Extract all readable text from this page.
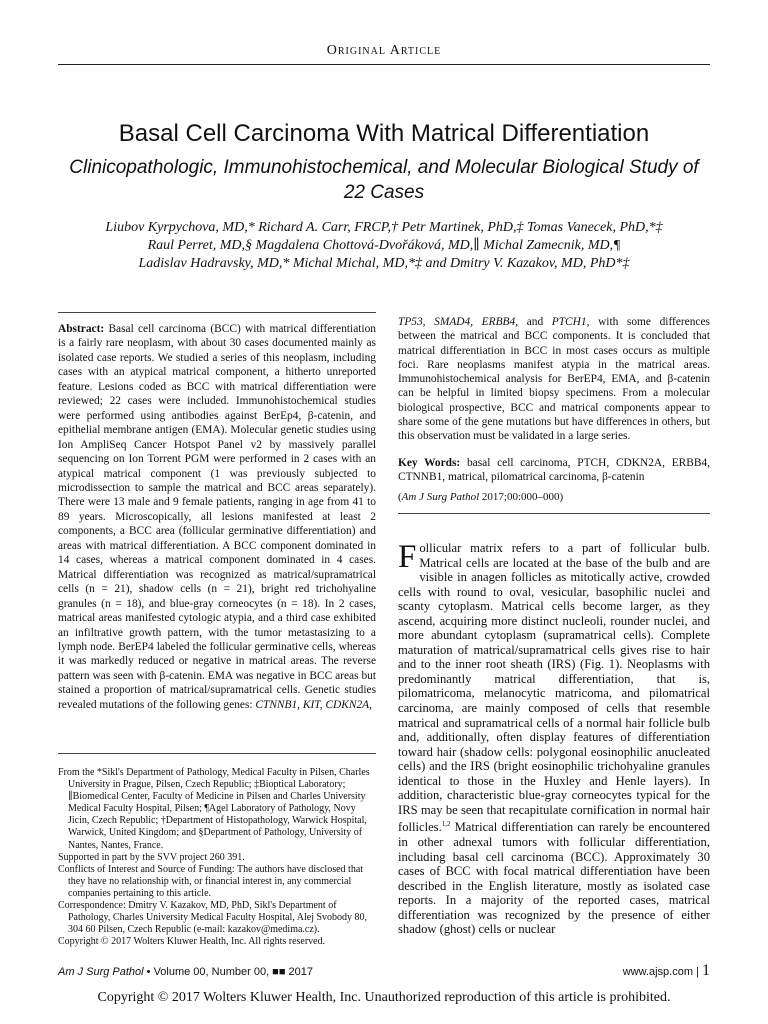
Original Article
Basal Cell Carcinoma With Matrical Differentiation
Clinicopathologic, Immunohistochemical, and Molecular Biological Study of 22 Cases
Liubov Kyrpychova, MD,* Richard A. Carr, FRCP,† Petr Martinek, PhD,‡ Tomas Vanecek, PhD,*‡
Raul Perret, MD,§ Magdalena Chottová-Dvořáková, MD,∥ Michal Zamecnik, MD,¶
Ladislav Hadravsky, MD,* Michal Michal, MD,*‡ and Dmitry V. Kazakov, MD, PhD*‡

Abstract: Basal cell carcinoma (BCC) with matrical differentiation is a fairly rare neoplasm, with about 30 cases documented mainly as isolated case reports. We studied a series of this neoplasm, including cases with an atypical matrical component, a hitherto unreported feature. Lesions coded as BCC with matrical differentiation were reviewed; 22 cases were included. Immunohistochemical studies were performed using antibodies against BerEp4, β-catenin, and epithelial membrane antigen (EMA). Molecular genetic studies using Ion AmpliSeq Cancer Hotspot Panel v2 by massively parallel sequencing on Ion Torrent PGM were performed in 2 cases with an atypical matrical component (1 was previously subjected to microdissection to sample the matrical and BCC areas separately). There were 13 male and 9 female patients, ranging in age from 41 to 89 years. Microscopically, all lesions manifested at least 2 components, a BCC area (follicular germinative differentiation) and areas with matrical differentiation. A BCC component dominated in 14 cases, whereas a matrical component dominated in 4 cases. Matrical differentiation was recognized as matrical/supramatrical cells (n = 21), shadow cells (n = 21), bright red trichohyaline granules (n = 18), and blue-gray corneocytes (n = 18). In 2 cases, matrical areas manifested cytologic atypia, and a third case exhibited an infiltrative growth pattern, with the tumor metastasizing to a lymph node. BerEP4 labeled the follicular germinative cells, whereas it was markedly reduced or negative in matrical areas. The reverse pattern was seen with β-catenin. EMA was negative in BCC areas but stained a proportion of matrical/supramatrical cells. Genetic studies revealed mutations of the following genes: CTNNB1, KIT, CDKN2A,

TP53, SMAD4, ERBB4, and PTCH1, with some differences between the matrical and BCC components. It is concluded that matrical differentiation in BCC in most cases occurs as multiple foci. Rare neoplasms manifest atypia in the matrical areas. Immunohistochemical analysis for BerEP4, EMA, and β-catenin can be helpful in limited biopsy specimens. From a molecular biological prospective, BCC and matrical components appear to share some of the gene mutations but have differences in others, but this observation must be validated in a large series.

Key Words: basal cell carcinoma, PTCH, CDKN2A, ERBB4, CTNNB1, matrical, pilomatrical carcinoma, β-catenin

(Am J Surg Pathol 2017;00:000–000)

Follicular matrix refers to a part of follicular bulb. Matrical cells are located at the base of the bulb and are visible in anagen follicles as mitotically active, crowded cells with round to oval, vesicular, basophilic nuclei and scanty cytoplasm. Matrical cells become larger, as they ascend, acquiring more distinct nucleoli, rounder nuclei, and more abundant cytoplasm (supramatrical cells). Complete maturation of matrical/supramatrical cells gives rise to hair and to the inner root sheath (IRS) (Fig. 1). Neoplasms with predominantly matrical differentiation, that is, pilomatricoma, melanocytic matricoma, and pilomatrical carcinoma, are mainly composed of cells that resemble matrical and supramatrical cells of a normal hair follicle bulb and, additionally, often display features of differentiation toward hair (shadow cells: polygonal eosinophilic anucleated cells) and the IRS (bright eosinophilic trichohyaline granules identical to those in the Huxley and Henle layers). In addition, characteristic blue-gray corneocytes typical for the IRS may be seen that recapitulate cornification in normal hair follicles.$^{1,2}$ Matrical differentiation can rarely be encountered in other adnexal tumors with follicular differentiation, including basal cell carcinoma (BCC). Approximately 30 cases of BCC with focal matrical differentiation have been described in the English literature, mostly as isolated case reports. In a majority of the reported cases, matrical differentiation was recognized by the presence of either shadow (ghost) cells or nuclear

From the *Sikl's Department of Pathology, Medical Faculty in Pilsen, Charles University in Prague, Pilsen, Czech Republic; ‡Bioptical Laboratory; ∥Biomedical Center, Faculty of Medicine in Pilsen and Charles University Medical Faculty Hospital, Pilsen; ¶Agel Laboratory of Pathology, Novy Jicin, Czech Republic; †Department of Histopathology, Warwick Hospital, Warwick, United Kingdom; and §Department of Pathology, University of Nantes, Nantes, France.

Supported in part by the SVV project 260 391.

Conflicts of Interest and Source of Funding: The authors have disclosed that they have no relationship with, or financial interest in, any commercial companies pertaining to this article.

Correspondence: Dmitry V. Kazakov, MD, PhD, Sikl's Department of Pathology, Charles University Medical Faculty Hospital, Alej Svobody 80, 304 60 Pilsen, Czech Republic (e-mail: kazakov@medima.cz).

Copyright © 2017 Wolters Kluwer Health, Inc. All rights reserved.

Am J Surg Pathol • Volume 00, Number 00, ■■ 2017	www.ajsp.com | 1
Copyright © 2017 Wolters Kluwer Health, Inc. Unauthorized reproduction of this article is prohibited.
